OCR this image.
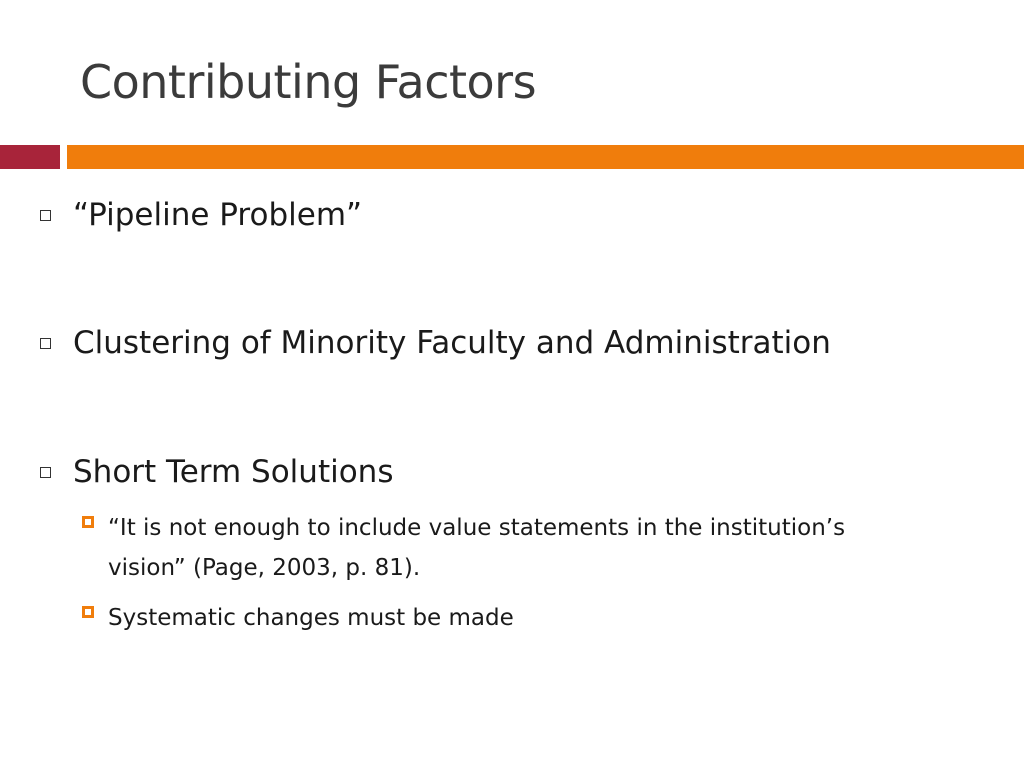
Contributing Factors
“Pipeline Problem”
Clustering of Minority Faculty and Administration
Short Term Solutions
“It is not enough to include value statements in the institution’s
vision” (Page, 2003, p. 81).
Systematic changes must be made
